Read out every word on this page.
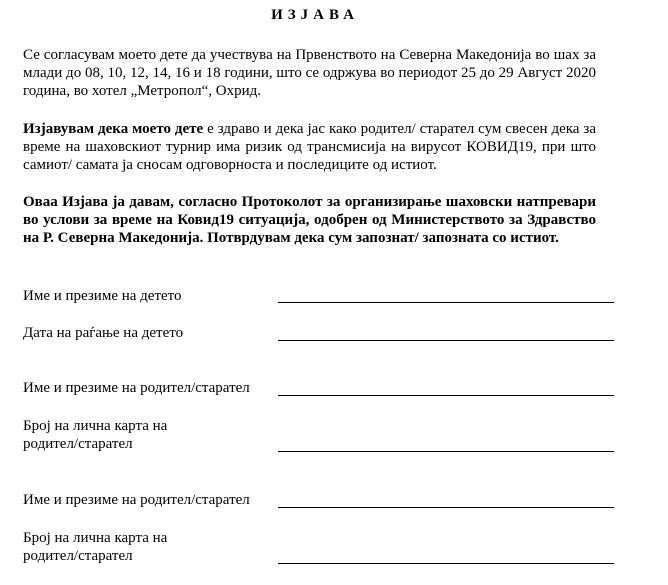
ИЗЈАВА
Се согласувам моето дете да учествува на Првенството на Северна Македонија во шах за млади до 08, 10, 12, 14, 16 и 18 години, што се одржува во периодот 25 до 29 Август 2020 година, во хотел „Метропол“, Охрид.
Изјавувам дека моето дете е здраво и дека јас како родител/ старател сум свесен дека за време на шаховскиот турнир има ризик од трансмисија на вирусот КОВИД19, при што самиот/ самата ја сносам одговорноста и последиците од истиот.
Оваа Изјава ја давам, согласно Протоколот за организирање шаховски натпревари во услови за време на Ковид19 ситуација, одобрен од Министерството за Здравство на Р. Северна Македонија. Потврдувам дека сум запознат/ запознатa со истиот.
Име и презиме на детето
Дата на раѓање на детето
Име и презиме на родител/старател
Број на лична карта на родител/старател
Име и презиме на родител/старател
Број на лична карта на родител/старател
